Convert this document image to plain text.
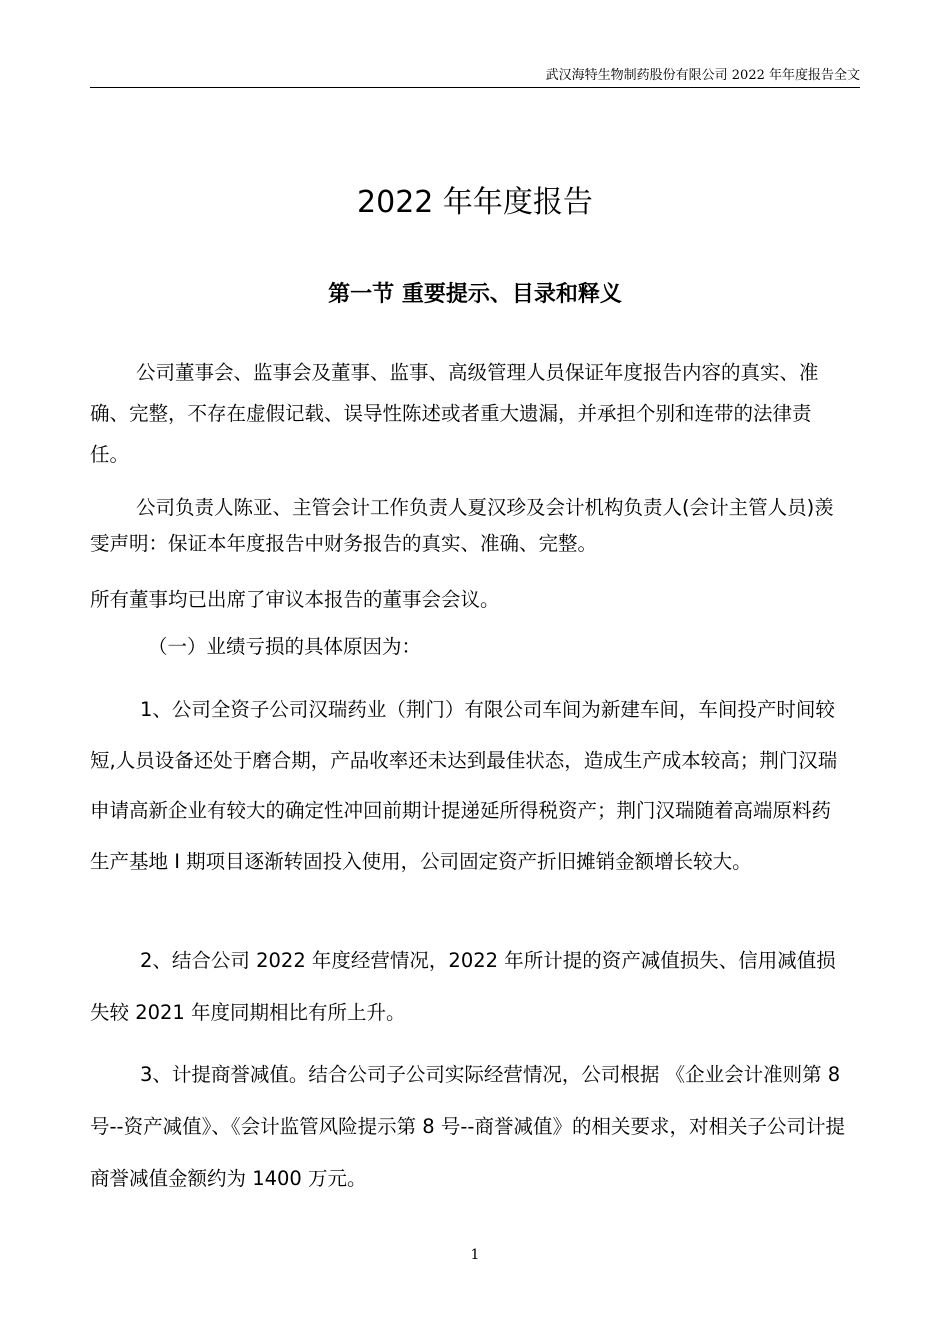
武汉海特生物制药股份有限公司 2022 年年度报告全文
2022 年年度报告
第一节 重要提示、目录和释义

公司董事会、监事会及董事、监事、高级管理人员保证年度报告内容的真实、准确、完整，不存在虚假记载、误导性陈述或者重大遗漏，并承担个别和连带的法律责任。

公司负责人陈亚、主管会计工作负责人夏汉珍及会计机构负责人(会计主管人员)羡雯声明：保证本年度报告中财务报告的真实、准确、完整。

所有董事均已出席了审议本报告的董事会会议。

（一）业绩亏损的具体原因为：

1、公司全资子公司汉瑞药业（荆门）有限公司车间为新建车间，车间投产时间较短,人员设备还处于磨合期，产品收率还未达到最佳状态，造成生产成本较高；荆门汉瑞申请高新企业有较大的确定性冲回前期计提递延所得税资产；荆门汉瑞随着高端原料药生产基地 I 期项目逐渐转固投入使用，公司固定资产折旧摊销金额增长较大。

2、结合公司 2022 年度经营情况，2022 年所计提的资产减值损失、信用减值损失较 2021 年度同期相比有所上升。

3、计提商誉减值。结合公司子公司实际经营情况，公司根据 《企业会计准则第 8 号--资产减值》、《会计监管风险提示第 8 号--商誉减值》的相关要求，对相关子公司计提商誉减值金额约为 1400 万元。

1
